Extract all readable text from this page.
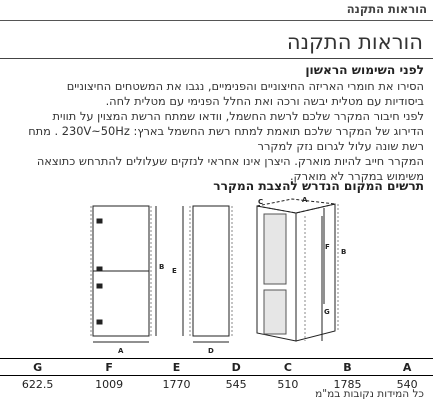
הוראות התקנה
הוראות התקנה
לפני השימוש הראשון
הסירו את חומרי האריזה החיצוניים והפנימיים, נגבו את המשטחים החיצוניים
ביסודיות עם מטלית יבשה ורכה ואת החלל הפנימי עם מטלית לחה.
לפני חיבור המקרר שלכם לרשת החשמל, וודאו שמתח הרשת המצוין על תווית
הדירוג של המקרר שלכם תואמת למתח רשת החשמל בארץ: 230V~50Hz . מתח
רשת שונה עלול לגרום נזק למקרר
המקרר חייב להיות מוארק. היצרן אינו אחראי לנזקים שעלולים להתרחש כתוצאה
משימוש במקרר לא מוארק.
תרשים המקום הנדרש להצבת המקרר
A
B E
D
C	A
F
G
B
G	F	E	D	C	B	A
622.5	1009	1770	545	510	1785	540
כל המידות נקובות במ"מ
